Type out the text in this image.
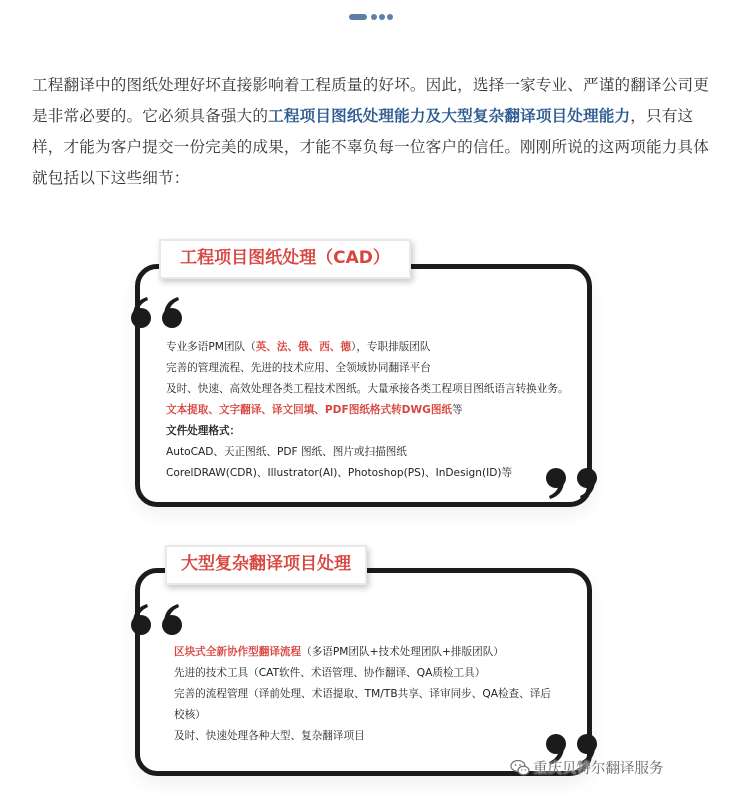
工程翻译中的图纸处理好坏直接影响着工程质量的好坏。因此，选择一家专业、严谨的翻译公司更是非常必要的。它必须具备强大的工程项目图纸处理能力及大型复杂翻译项目处理能力，只有这样，才能为客户提交一份完美的成果，才能不辜负每一位客户的信任。刚刚所说的这两项能力具体就包括以下这些细节：

工程项目图纸处理（CAD）
专业多语PM团队（英、法、俄、西、德），专职排版团队
完善的管理流程、先进的技术应用、全领域协同翻译平台
及时、快速、高效处理各类工程技术图纸。大量承接各类工程项目图纸语言转换业务。
文本提取、文字翻译、译文回填、PDF图纸格式转DWG图纸等
文件处理格式：
AutoCAD、天正图纸、PDF 图纸、图片或扫描图纸
CorelDRAW(CDR)、Illustrator(AI)、Photoshop(PS)、InDesign(ID)等
大型复杂翻译项目处理
区块式全新协作型翻译流程（多语PM团队+技术处理团队+排版团队）
先进的技术工具（CAT软件、术语管理、协作翻译、QA质检工具）
完善的流程管理（译前处理、术语提取、TM/TB共享、译审同步、QA检查、译后校核）
及时、快速处理各种大型、复杂翻译项目
重庆贝特尔翻译服务
